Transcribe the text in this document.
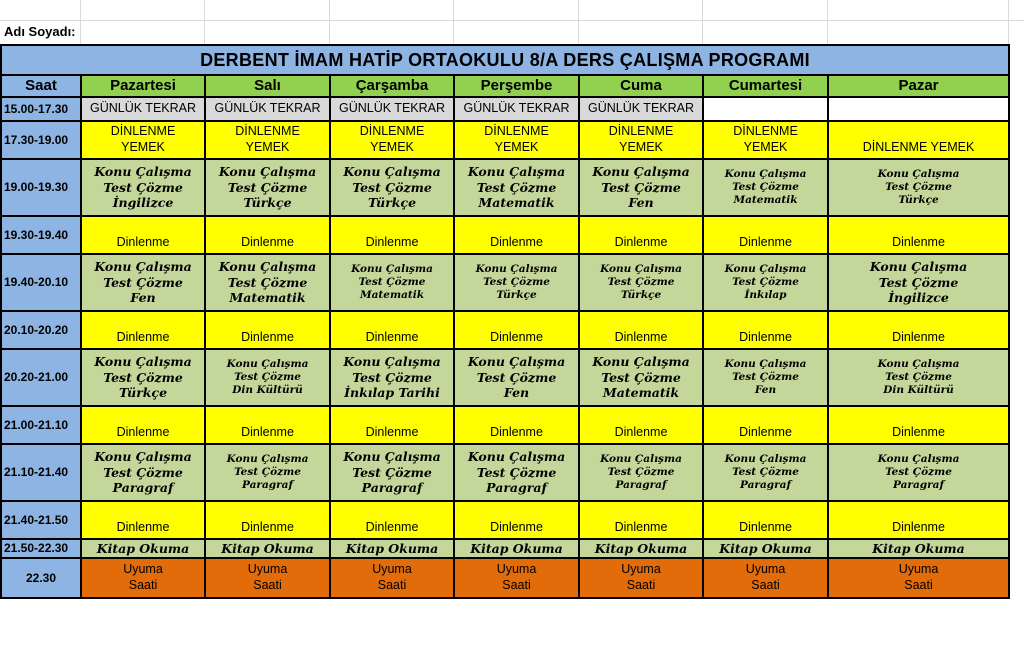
Adı Soyadı:
DERBENT İMAM HATİP ORTAOKULU 8/A DERS ÇALIŞMA PROGRAMI							
Saat	Pazartesi	Salı	Çarşamba	Perşembe	Cuma	Cumartesi	Pazar
15.00-17.30	GÜNLÜK TEKRAR	GÜNLÜK TEKRAR	GÜNLÜK TEKRAR	GÜNLÜK TEKRAR	GÜNLÜK TEKRAR		

17.30-19.00	DİNLENME
YEMEK	DİNLENME
YEMEK	DİNLENME
YEMEK	DİNLENME
YEMEK	DİNLENME
YEMEK	DİNLENME
YEMEK	DİNLENME YEMEK

19.00-19.30	Konu Çalışma
Test Çözme
İngilizce	Konu Çalışma
Test Çözme
Türkçe	Konu Çalışma
Test Çözme
Türkçe	Konu Çalışma
Test Çözme
Matematik	Konu Çalışma
Test Çözme
Fen	Konu Çalışma
Test Çözme
Matematik	Konu Çalışma
Test Çözme
Türkçe

19.30-19.40	Dinlenme	Dinlenme	Dinlenme	Dinlenme	Dinlenme	Dinlenme	Dinlenme

19.40-20.10	Konu Çalışma
Test Çözme
Fen	Konu Çalışma
Test Çözme
Matematik	Konu Çalışma
Test Çözme
Matematik	Konu Çalışma
Test Çözme
Türkçe	Konu Çalışma
Test Çözme
Türkçe	Konu Çalışma
Test Çözme
İnkılap	Konu Çalışma
Test Çözme
İngilizce

20.10-20.20	Dinlenme	Dinlenme	Dinlenme	Dinlenme	Dinlenme	Dinlenme	Dinlenme

20.20-21.00	Konu Çalışma
Test Çözme
Türkçe	Konu Çalışma
Test Çözme
Din Kültürü	Konu Çalışma
Test Çözme
İnkılap Tarihi	Konu Çalışma
Test Çözme
Fen	Konu Çalışma
Test Çözme
Matematik	Konu Çalışma
Test Çözme
Fen	Konu Çalışma
Test Çözme
Din Kültürü

21.00-21.10	Dinlenme	Dinlenme	Dinlenme	Dinlenme	Dinlenme	Dinlenme	Dinlenme

21.10-21.40	Konu Çalışma
Test Çözme
Paragraf	Konu Çalışma
Test Çözme
Paragraf	Konu Çalışma
Test Çözme
Paragraf	Konu Çalışma
Test Çözme
Paragraf	Konu Çalışma
Test Çözme
Paragraf	Konu Çalışma
Test Çözme
Paragraf	Konu Çalışma
Test Çözme
Paragraf

21.40-21.50	Dinlenme	Dinlenme	Dinlenme	Dinlenme	Dinlenme	Dinlenme	Dinlenme

21.50-22.30	Kitap Okuma	Kitap Okuma	Kitap Okuma	Kitap Okuma	Kitap Okuma	Kitap Okuma	Kitap Okuma

22.30	Uyuma
Saati	Uyuma
Saati	Uyuma
Saati	Uyuma
Saati	Uyuma
Saati	Uyuma
Saati	Uyuma
Saati
